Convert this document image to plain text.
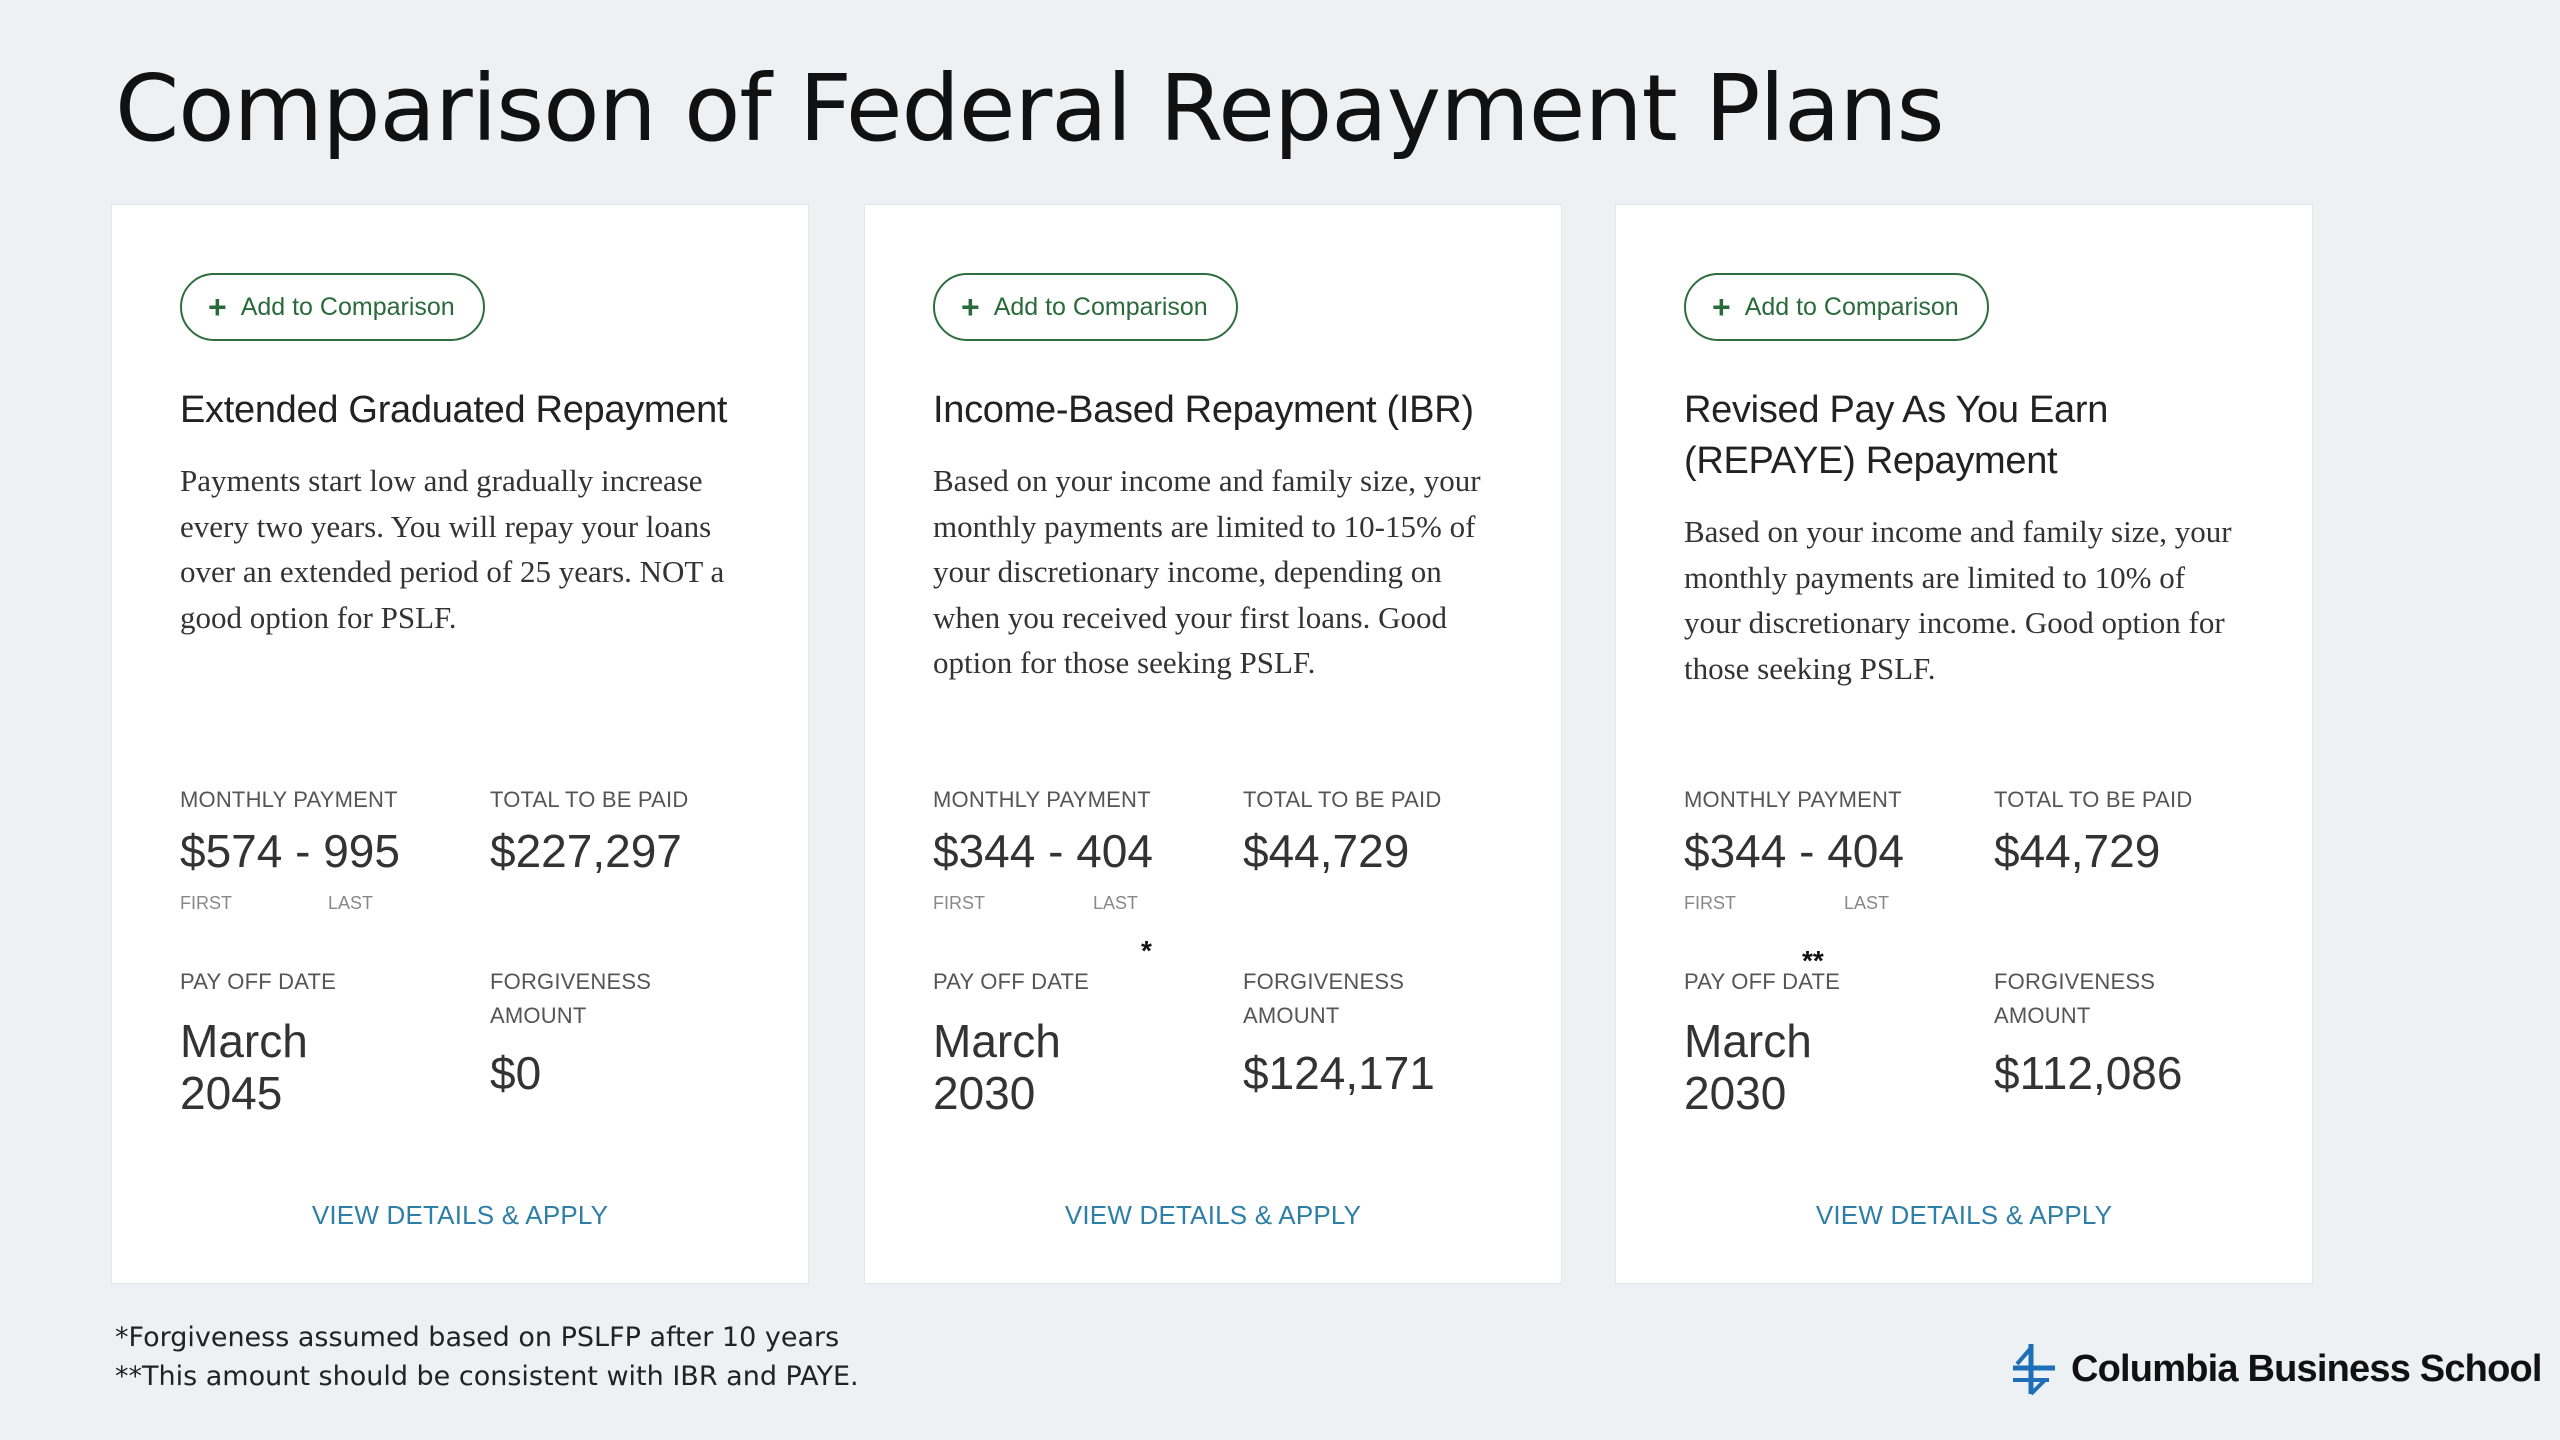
Comparison of Federal Repayment Plans
+ Add to Comparison
Extended Graduated Repayment

Payments start low and gradually increase every two years. You will repay your loans over an extended period of 25 years. NOT a good option for PSLF.

MONTHLY PAYMENT	TOTAL TO BE PAID
$574 - 995 $227,297
FIRST	LAST
PAY OFF DATE	FORGIVENESS AMOUNT
March 2045	$0
VIEW DETAILS & APPLY
+ Add to Comparison
Income-Based Repayment (IBR)

Based on your income and family size, your monthly payments are limited to 10-15% of your discretionary income, depending on when you received your first loans. Good option for those seeking PSLF.

MONTHLY PAYMENT	TOTAL TO BE PAID
$344 - 404 $44,729
FIRST	LAST
*
PAY OFF DATE	FORGIVENESS AMOUNT
March 2030	$124,171
VIEW DETAILS & APPLY
+ Add to Comparison
Revised Pay As You Earn (REPAYE) Repayment

Based on your income and family size, your monthly payments are limited to 10% of your discretionary income. Good option for those seeking PSLF.

MONTHLY PAYMENT	TOTAL TO BE PAID
$344 - 404 $44,729
FIRST	LAST
**
PAY OFF DATE	FORGIVENESS AMOUNT
March 2030	$112,086
VIEW DETAILS & APPLY
*Forgiveness assumed based on PSLFP after 10 years
**This amount should be consistent with IBR and PAYE.	Columbia Business School
